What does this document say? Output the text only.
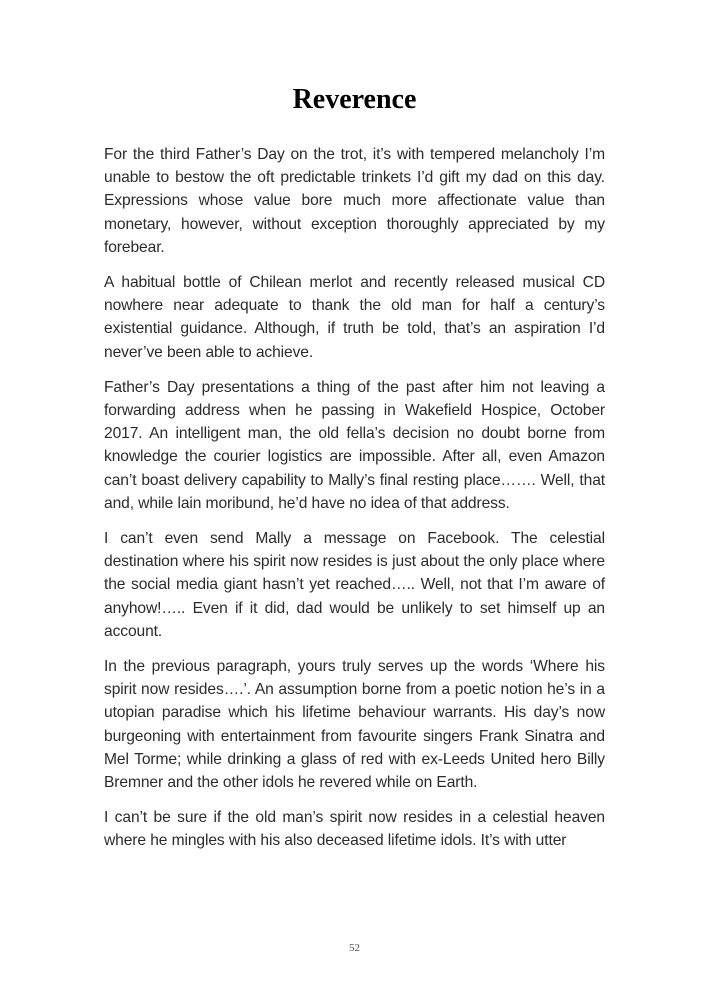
Reverence

For the third Father’s Day on the trot, it’s with tempered melancholy I’m unable to bestow the oft predictable trinkets I’d gift my dad on this day. Expressions whose value bore much more affectionate value than monetary, however, without exception thoroughly appreciated by my forebear.

A habitual bottle of Chilean merlot and recently released musical CD nowhere near adequate to thank the old man for half a century’s existential guidance. Although, if truth be told, that’s an aspiration I’d never’ve been able to achieve.

Father’s Day presentations a thing of the past after him not leaving a forwarding address when he passing in Wakefield Hospice, October 2017. An intelligent man, the old fella’s decision no doubt borne from knowledge the courier logistics are impossible. After all, even Amazon can’t boast delivery capability to Mally’s final resting place……. Well, that and, while lain moribund, he’d have no idea of that address.

I can’t even send Mally a message on Facebook. The celestial destination where his spirit now resides is just about the only place where the social media giant hasn’t yet reached….. Well, not that I’m aware of anyhow!….. Even if it did, dad would be unlikely to set himself up an account.

In the previous paragraph, yours truly serves up the words ‘Where his spirit now resides….’. An assumption borne from a poetic notion he’s in a utopian paradise which his lifetime behaviour warrants. His day’s now burgeoning with entertainment from favourite singers Frank Sinatra and Mel Torme; while drinking a glass of red with ex-Leeds United hero Billy Bremner and the other idols he revered while on Earth.

I can’t be sure if the old man’s spirit now resides in a celestial heaven where he mingles with his also deceased lifetime idols. It’s with utter

52
